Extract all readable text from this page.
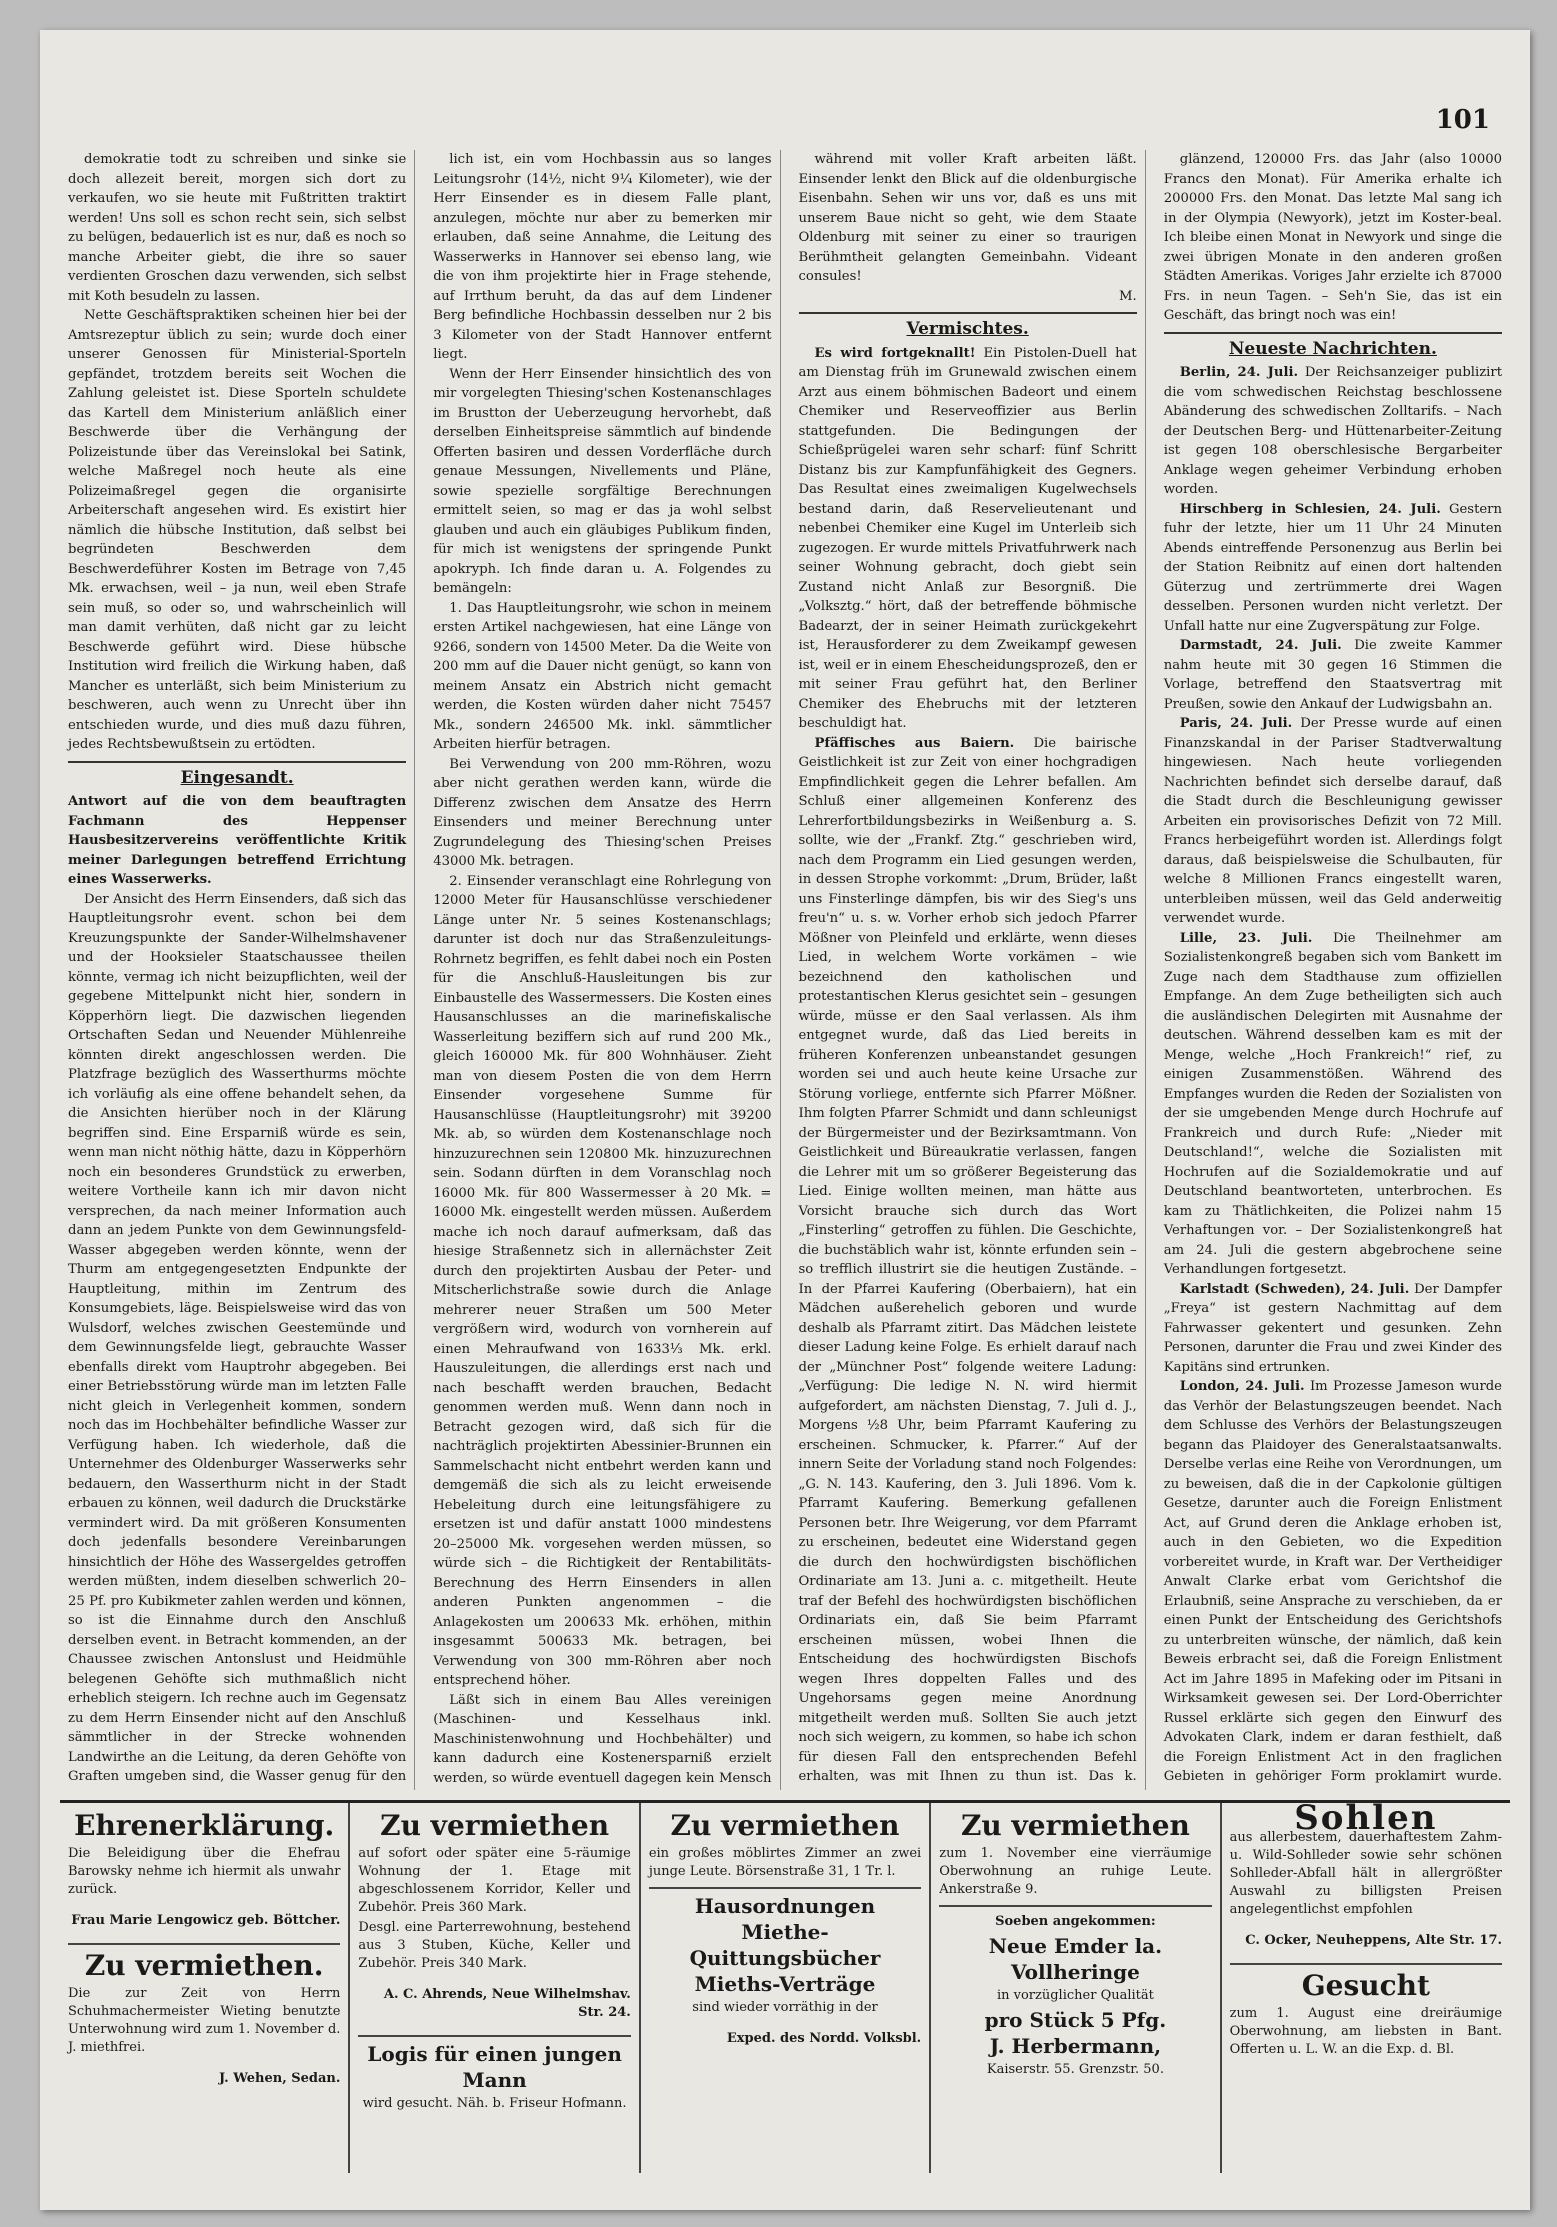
101

demokratie todt zu schreiben und sinke sie doch allezeit bereit, morgen sich dort zu verkaufen, wo sie heute mit Fußtritten traktirt werden! Uns soll es schon recht sein, sich selbst zu belügen, bedauerlich ist es nur, daß es noch so manche Arbeiter giebt, die ihre so sauer verdienten Groschen dazu verwenden, sich selbst mit Koth besudeln zu lassen.

Nette Geschäftspraktiken scheinen hier bei der Amtsrezeptur üblich zu sein; wurde doch einer unserer Genossen für Ministerial-Sporteln gepfändet, trotzdem bereits seit Wochen die Zahlung geleistet ist. Diese Sporteln schuldete das Kartell dem Ministerium anläßlich einer Beschwerde über die Verhängung der Polizeistunde über das Vereinslokal bei Satink, welche Maßregel noch heute als eine Polizeimaßregel gegen die organisirte Arbeiterschaft angesehen wird. Es existirt hier nämlich die hübsche Institution, daß selbst bei begründeten Beschwerden dem Beschwerdeführer Kosten im Betrage von 7,45 Mk. erwachsen, weil – ja nun, weil eben Strafe sein muß, so oder so, und wahrscheinlich will man damit verhüten, daß nicht gar zu leicht Beschwerde geführt wird. Diese hübsche Institution wird freilich die Wirkung haben, daß Mancher es unterläßt, sich beim Ministerium zu beschweren, auch wenn zu Unrecht über ihn entschieden wurde, und dies muß dazu führen, jedes Rechtsbewußtsein zu ertödten.

Eingesandt.

Antwort auf die von dem beauftragten Fachmann des Heppenser Hausbesitzervereins veröffentlichte Kritik meiner Darlegungen betreffend Errichtung eines Wasserwerks.

Der Ansicht des Herrn Einsenders, daß sich das Hauptleitungsrohr event. schon bei dem Kreuzungspunkte der Sander-Wilhelmshavener und der Hooksieler Staatschaussee theilen könnte, vermag ich nicht beizupflichten, weil der gegebene Mittelpunkt nicht hier, sondern in Köpperhörn liegt. Die dazwischen liegenden Ortschaften Sedan und Neuender Mühlenreihe könnten direkt angeschlossen werden. Die Platzfrage bezüglich des Wasserthurms möchte ich vorläufig als eine offene behandelt sehen, da die Ansichten hierüber noch in der Klärung begriffen sind. Eine Ersparniß würde es sein, wenn man nicht nöthig hätte, dazu in Köpperhörn noch ein besonderes Grundstück zu erwerben, weitere Vortheile kann ich mir davon nicht versprechen, da nach meiner Information auch dann an jedem Punkte von dem Gewinnungsfeld-Wasser abgegeben werden könnte, wenn der Thurm am entgegengesetzten Endpunkte der Hauptleitung, mithin im Zentrum des Konsumgebiets, läge. Beispielsweise wird das von Wulsdorf, welches zwischen Geestemünde und dem Gewinnungsfelde liegt, gebrauchte Wasser ebenfalls direkt vom Hauptrohr abgegeben. Bei einer Betriebsstörung würde man im letzten Falle nicht gleich in Verlegenheit kommen, sondern noch das im Hochbehälter befindliche Wasser zur Verfügung haben. Ich wiederhole, daß die Unternehmer des Oldenburger Wasserwerks sehr bedauern, den Wasserthurm nicht in der Stadt erbauen zu können, weil dadurch die Druckstärke vermindert wird. Da mit größeren Konsumenten doch jedenfalls besondere Vereinbarungen hinsichtlich der Höhe des Wassergeldes getroffen werden müßten, indem dieselben schwerlich 20–25 Pf. pro Kubikmeter zahlen werden und können, so ist die Einnahme durch den Anschluß derselben event. in Betracht kommenden, an der Chaussee zwischen Antonslust und Heidmühle belegenen Gehöfte sich muthmaßlich nicht erheblich steigern. Ich rechne auch im Gegensatz zu dem Herrn Einsender nicht auf den Anschluß sämmtlicher in der Strecke wohnenden Landwirthe an die Leitung, da deren Gehöfte von Graften umgeben sind, die Wasser genug für den

lich ist, ein vom Hochbassin aus so langes Leitungsrohr (14½, nicht 9¼ Kilometer), wie der Herr Einsender es in diesem Falle plant, anzulegen, möchte nur aber zu bemerken mir erlauben, daß seine Annahme, die Leitung des Wasserwerks in Hannover sei ebenso lang, wie die von ihm projektirte hier in Frage stehende, auf Irrthum beruht, da das auf dem Lindener Berg befindliche Hochbassin desselben nur 2 bis 3 Kilometer von der Stadt Hannover entfernt liegt.

Wenn der Herr Einsender hinsichtlich des von mir vorgelegten Thiesing'schen Kostenanschlages im Brustton der Ueberzeugung hervorhebt, daß derselben Einheitspreise sämmtlich auf bindende Offerten basiren und dessen Vorderfläche durch genaue Messungen, Nivellements und Pläne, sowie spezielle sorgfältige Berechnungen ermittelt seien, so mag er das ja wohl selbst glauben und auch ein gläubiges Publikum finden, für mich ist wenigstens der springende Punkt apokryph. Ich finde daran u. A. Folgendes zu bemängeln:

1. Das Hauptleitungsrohr, wie schon in meinem ersten Artikel nachgewiesen, hat eine Länge von 9266, sondern von 14500 Meter. Da die Weite von 200 mm auf die Dauer nicht genügt, so kann von meinem Ansatz ein Abstrich nicht gemacht werden, die Kosten würden daher nicht 75457 Mk., sondern 246500 Mk. inkl. sämmtlicher Arbeiten hierfür betragen.

Bei Verwendung von 200 mm-Röhren, wozu aber nicht gerathen werden kann, würde die Differenz zwischen dem Ansatze des Herrn Einsenders und meiner Berechnung unter Zugrundelegung des Thiesing'schen Preises 43000 Mk. betragen.

2. Einsender veranschlagt eine Rohrlegung von 12000 Meter für Hausanschlüsse verschiedener Länge unter Nr. 5 seines Kostenanschlags; darunter ist doch nur das Straßenzuleitungs-Rohrnetz begriffen, es fehlt dabei noch ein Posten für die Anschluß-Hausleitungen bis zur Einbaustelle des Wassermessers. Die Kosten eines Hausanschlusses an die marinefiskalische Wasserleitung beziffern sich auf rund 200 Mk., gleich 160000 Mk. für 800 Wohnhäuser. Zieht man von diesem Posten die von dem Herrn Einsender vorgesehene Summe für Hausanschlüsse (Hauptleitungsrohr) mit 39200 Mk. ab, so würden dem Kostenanschlage noch hinzuzurechnen sein 120800 Mk. hinzuzurechnen sein. Sodann dürften in dem Voranschlag noch 16000 Mk. für 800 Wassermesser à 20 Mk. = 16000 Mk. eingestellt werden müssen. Außerdem mache ich noch darauf aufmerksam, daß das hiesige Straßennetz sich in allernächster Zeit durch den projektirten Ausbau der Peter- und Mitscherlichstraße sowie durch die Anlage mehrerer neuer Straßen um 500 Meter vergrößern wird, wodurch von vornherein auf einen Mehraufwand von 1633⅓ Mk. erkl. Hauszuleitungen, die allerdings erst nach und nach beschafft werden brauchen, Bedacht genommen werden muß. Wenn dann noch in Betracht gezogen wird, daß sich für die nachträglich projektirten Abessinier-Brunnen ein Sammelschacht nicht entbehrt werden kann und demgemäß die sich als zu leicht erweisende Hebeleitung durch eine leitungsfähigere zu ersetzen ist und dafür anstatt 1000 mindestens 20–25000 Mk. vorgesehen werden müssen, so würde sich – die Richtigkeit der Rentabilitäts-Berechnung des Herrn Einsenders in allen anderen Punkten angenommen – die Anlagekosten um 200633 Mk. erhöhen, mithin insgesammt 500633 Mk. betragen, bei Verwendung von 300 mm-Röhren aber noch entsprechend höher.

Läßt sich in einem Bau Alles vereinigen (Maschinen- und Kesselhaus inkl. Maschinistenwohnung und Hochbehälter) und kann dadurch eine Kostenersparniß erzielt werden, so würde eventuell dagegen kein Mensch

während mit voller Kraft arbeiten läßt. Einsender lenkt den Blick auf die oldenburgische Eisenbahn. Sehen wir uns vor, daß es uns mit unserem Baue nicht so geht, wie dem Staate Oldenburg mit seiner zu einer so traurigen Berühmtheit gelangten Gemeinbahn. Videant consules!

M.

Vermischtes.

Es wird fortgeknallt! Ein Pistolen-Duell hat am Dienstag früh im Grunewald zwischen einem Arzt aus einem böhmischen Badeort und einem Chemiker und Reserveoffizier aus Berlin stattgefunden. Die Bedingungen der Schießprügelei waren sehr scharf: fünf Schritt Distanz bis zur Kampfunfähigkeit des Gegners. Das Resultat eines zweimaligen Kugelwechsels bestand darin, daß Reservelieutenant und nebenbei Chemiker eine Kugel im Unterleib sich zugezogen. Er wurde mittels Privatfuhrwerk nach seiner Wohnung gebracht, doch giebt sein Zustand nicht Anlaß zur Besorgniß. Die „Volksztg.“ hört, daß der betreffende böhmische Badearzt, der in seiner Heimath zurückgekehrt ist, Herausforderer zu dem Zweikampf gewesen ist, weil er in einem Ehescheidungsprozeß, den er mit seiner Frau geführt hat, den Berliner Chemiker des Ehebruchs mit der letzteren beschuldigt hat.

Pfäffisches aus Baiern. Die bairische Geistlichkeit ist zur Zeit von einer hochgradigen Empfindlichkeit gegen die Lehrer befallen. Am Schluß einer allgemeinen Konferenz des Lehrerfortbildungsbezirks in Weißenburg a. S. sollte, wie der „Frankf. Ztg.“ geschrieben wird, nach dem Programm ein Lied gesungen werden, in dessen Strophe vorkommt: „Drum, Brüder, laßt uns Finsterlinge dämpfen, bis wir des Sieg's uns freu'n“ u. s. w. Vorher erhob sich jedoch Pfarrer Mößner von Pleinfeld und erklärte, wenn dieses Lied, in welchem Worte vorkämen – wie bezeichnend den katholischen und protestantischen Klerus gesichtet sein – gesungen würde, müsse er den Saal verlassen. Als ihm entgegnet wurde, daß das Lied bereits in früheren Konferenzen unbeanstandet gesungen worden sei und auch heute keine Ursache zur Störung vorliege, entfernte sich Pfarrer Mößner. Ihm folgten Pfarrer Schmidt und dann schleunigst der Bürgermeister und der Bezirksamtmann. Von Geistlichkeit und Büreaukratie verlassen, fangen die Lehrer mit um so größerer Begeisterung das Lied. Einige wollten meinen, man hätte aus Vorsicht brauche sich durch das Wort „Finsterling“ getroffen zu fühlen. Die Geschichte, die buchstäblich wahr ist, könnte erfunden sein – so trefflich illustrirt sie die heutigen Zustände. – In der Pfarrei Kaufering (Oberbaiern), hat ein Mädchen außerehelich geboren und wurde deshalb als Pfarramt zitirt. Das Mädchen leistete dieser Ladung keine Folge. Es erhielt darauf nach der „Münchner Post“ folgende weitere Ladung: „Verfügung: Die ledige N. N. wird hiermit aufgefordert, am nächsten Dienstag, 7. Juli d. J., Morgens ½8 Uhr, beim Pfarramt Kaufering zu erscheinen. Schmucker, k. Pfarrer.“ Auf der innern Seite der Vorladung stand noch Folgendes: „G. N. 143. Kaufering, den 3. Juli 1896. Vom k. Pfarramt Kaufering. Bemerkung gefallenen Personen betr. Ihre Weigerung, vor dem Pfarramt zu erscheinen, bedeutet eine Widerstand gegen die durch den hochwürdigsten bischöflichen Ordinariate am 13. Juni a. c. mitgetheilt. Heute traf der Befehl des hochwürdigsten bischöflichen Ordinariats ein, daß Sie beim Pfarramt erscheinen müssen, wobei Ihnen die Entscheidung des hochwürdigsten Bischofs wegen Ihres doppelten Falles und des Ungehorsams gegen meine Anordnung mitgetheilt werden muß. Sollten Sie auch jetzt noch sich weigern, zu kommen, so habe ich schon für diesen Fall den entsprechenden Befehl erhalten, was mit Ihnen zu thun ist. Das k.

glänzend, 120000 Frs. das Jahr (also 10000 Francs den Monat). Für Amerika erhalte ich 200000 Frs. den Monat. Das letzte Mal sang ich in der Olympia (Newyork), jetzt im Koster-beal. Ich bleibe einen Monat in Newyork und singe die zwei übrigen Monate in den anderen großen Städten Amerikas. Voriges Jahr erzielte ich 87000 Frs. in neun Tagen. – Seh'n Sie, das ist ein Geschäft, das bringt noch was ein!

Neueste Nachrichten.

Berlin, 24. Juli. Der Reichsanzeiger publizirt die vom schwedischen Reichstag beschlossene Abänderung des schwedischen Zolltarifs. – Nach der Deutschen Berg- und Hüttenarbeiter-Zeitung ist gegen 108 oberschlesische Bergarbeiter Anklage wegen geheimer Verbindung erhoben worden.

Hirschberg in Schlesien, 24. Juli. Gestern fuhr der letzte, hier um 11 Uhr 24 Minuten Abends eintreffende Personenzug aus Berlin bei der Station Reibnitz auf einen dort haltenden Güterzug und zertrümmerte drei Wagen desselben. Personen wurden nicht verletzt. Der Unfall hatte nur eine Zugverspätung zur Folge.

Darmstadt, 24. Juli. Die zweite Kammer nahm heute mit 30 gegen 16 Stimmen die Vorlage, betreffend den Staatsvertrag mit Preußen, sowie den Ankauf der Ludwigsbahn an.

Paris, 24. Juli. Der Presse wurde auf einen Finanzskandal in der Pariser Stadtverwaltung hingewiesen. Nach heute vorliegenden Nachrichten befindet sich derselbe darauf, daß die Stadt durch die Beschleunigung gewisser Arbeiten ein provisorisches Defizit von 72 Mill. Francs herbeigeführt worden ist. Allerdings folgt daraus, daß beispielsweise die Schulbauten, für welche 8 Millionen Francs eingestellt waren, unterbleiben müssen, weil das Geld anderweitig verwendet wurde.

Lille, 23. Juli. Die Theilnehmer am Sozialistenkongreß begaben sich vom Bankett im Zuge nach dem Stadthause zum offiziellen Empfange. An dem Zuge betheiligten sich auch die ausländischen Delegirten mit Ausnahme der deutschen. Während desselben kam es mit der Menge, welche „Hoch Frankreich!“ rief, zu einigen Zusammenstößen. Während des Empfanges wurden die Reden der Sozialisten von der sie umgebenden Menge durch Hochrufe auf Frankreich und durch Rufe: „Nieder mit Deutschland!“, welche die Sozialisten mit Hochrufen auf die Sozialdemokratie und auf Deutschland beantworteten, unterbrochen. Es kam zu Thätlichkeiten, die Polizei nahm 15 Verhaftungen vor. – Der Sozialistenkongreß hat am 24. Juli die gestern abgebrochene seine Verhandlungen fortgesetzt.

Karlstadt (Schweden), 24. Juli. Der Dampfer „Freya“ ist gestern Nachmittag auf dem Fahrwasser gekentert und gesunken. Zehn Personen, darunter die Frau und zwei Kinder des Kapitäns sind ertrunken.

London, 24. Juli. Im Prozesse Jameson wurde das Verhör der Belastungszeugen beendet. Nach dem Schlusse des Verhörs der Belastungszeugen begann das Plaidoyer des Generalstaatsanwalts. Derselbe verlas eine Reihe von Verordnungen, um zu beweisen, daß die in der Capkolonie gültigen Gesetze, darunter auch die Foreign Enlistment Act, auf Grund deren die Anklage erhoben ist, auch in den Gebieten, wo die Expedition vorbereitet wurde, in Kraft war. Der Vertheidiger Anwalt Clarke erbat vom Gerichtshof die Erlaubniß, seine Ansprache zu verschieben, da er einen Punkt der Entscheidung des Gerichtshofs zu unterbreiten wünsche, der nämlich, daß kein Beweis erbracht sei, daß die Foreign Enlistment Act im Jahre 1895 in Mafeking oder im Pitsani in Wirksamkeit gewesen sei. Der Lord-Oberrichter Russel erklärte sich gegen den Einwurf des Advokaten Clark, indem er daran festhielt, daß die Foreign Enlistment Act in den fraglichen Gebieten in gehöriger Form proklamirt wurde.

Ehrenerklärung.

Die Beleidigung über die Ehefrau Barowsky nehme ich hiermit als unwahr zurück.

Frau Marie Lengowicz geb. Böttcher.

Zu vermiethen.

Die zur Zeit von Herrn Schuhmachermeister Wieting benutzte Unterwohnung wird zum 1. November d. J. miethfrei.

J. Wehen, Sedan.

Zu vermiethen

auf sofort oder später eine 5-räumige Wohnung der 1. Etage mit abgeschlossenem Korridor, Keller und Zubehör. Preis 360 Mark.

Desgl. eine Parterrewohnung, bestehend aus 3 Stuben, Küche, Keller und Zubehör. Preis 340 Mark.

A. C. Ahrends, Neue Wilhelmshav. Str. 24.

Logis für einen jungen Mann

wird gesucht. Näh. b. Friseur Hofmann.

Zu vermiethen

ein großes möblirtes Zimmer an zwei junge Leute. Börsenstraße 31, 1 Tr. l.

Hausordnungen Miethe-Quittungsbücher Mieths-Verträge

sind wieder vorräthig in der

Exped. des Nordd. Volksbl.

Zu vermiethen

zum 1. November eine vierräumige Oberwohnung an ruhige Leute. Ankerstraße 9.

Soeben angekommen:

Neue Emder la. Vollheringe

in vorzüglicher Qualität

pro Stück 5 Pfg.
J. Herbermann,

Kaiserstr. 55. Grenzstr. 50.

Sohlen

aus allerbestem, dauerhaftestem Zahm- u. Wild-Sohlleder sowie sehr schönen Sohlleder-Abfall hält in allergrößter Auswahl zu billigsten Preisen angelegentlichst empfohlen

C. Ocker, Neuheppens, Alte Str. 17.

Gesucht

zum 1. August eine dreiräumige Oberwohnung, am liebsten in Bant. Offerten u. L. W. an die Exp. d. Bl.
